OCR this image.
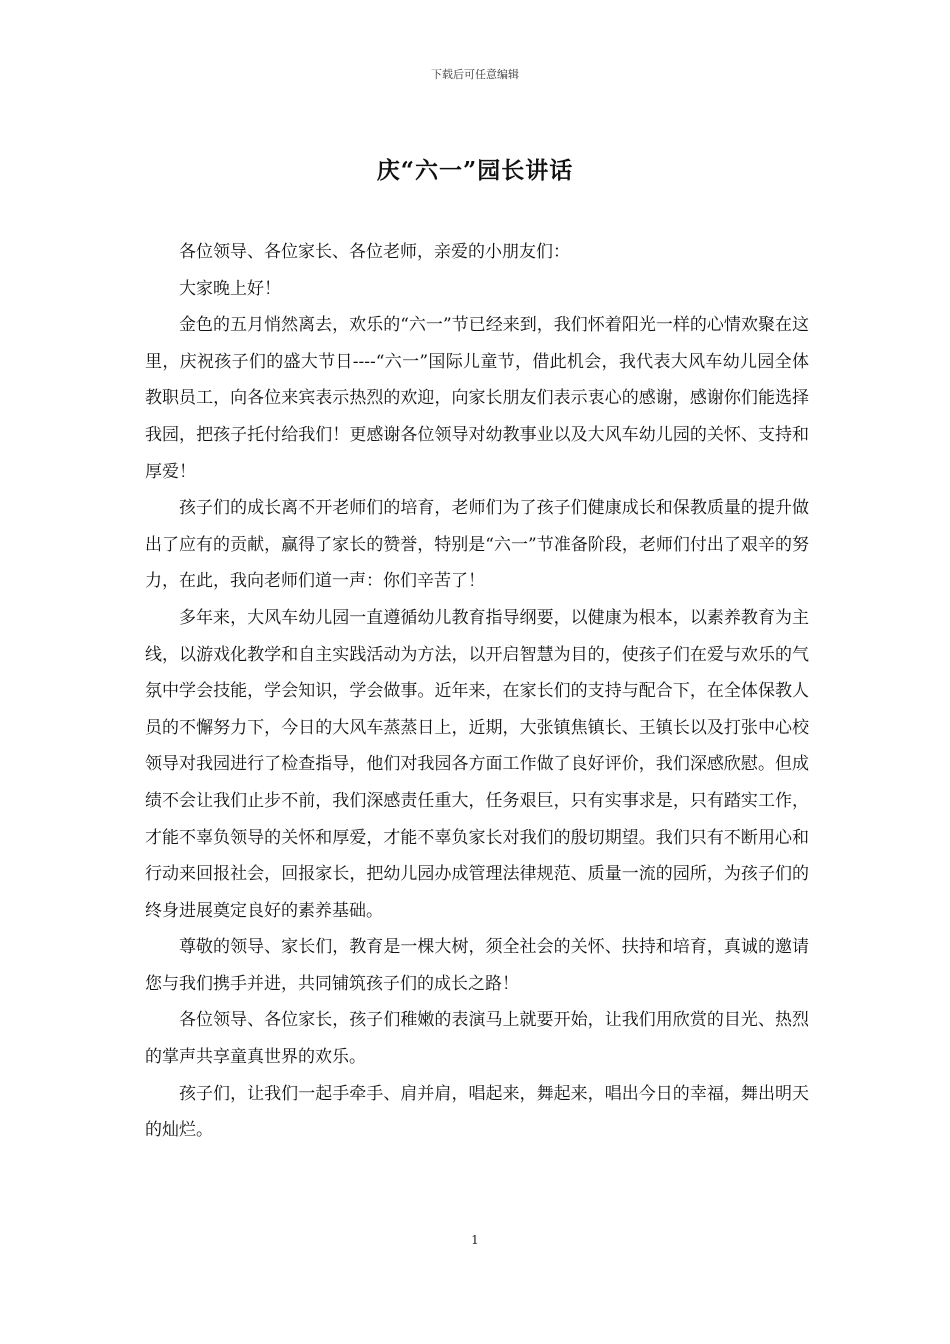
下载后可任意编辑
庆“六一”园长讲话

各位领导、各位家长、各位老师，亲爱的小朋友们：

大家晚上好！

金色的五月悄然离去，欢乐的“六一”节已经来到，我们怀着阳光一样的心情欢聚在这里，庆祝孩子们的盛大节日----“六一”国际儿童节，借此机会，我代表大风车幼儿园全体教职员工，向各位来宾表示热烈的欢迎，向家长朋友们表示衷心的感谢，感谢你们能选择我园，把孩子托付给我们！更感谢各位领导对幼教事业以及大风车幼儿园的关怀、支持和厚爱！

孩子们的成长离不开老师们的培育，老师们为了孩子们健康成长和保教质量的提升做出了应有的贡献，赢得了家长的赞誉，特别是“六一”节准备阶段，老师们付出了艰辛的努力，在此，我向老师们道一声：你们辛苦了！

多年来，大风车幼儿园一直遵循幼儿教育指导纲要，以健康为根本，以素养教育为主线，以游戏化教学和自主实践活动为方法，以开启智慧为目的，使孩子们在爱与欢乐的气氛中学会技能，学会知识，学会做事。近年来，在家长们的支持与配合下，在全体保教人员的不懈努力下，今日的大风车蒸蒸日上，近期，大张镇焦镇长、王镇长以及打张中心校领导对我园进行了检查指导，他们对我园各方面工作做了良好评价，我们深感欣慰。但成绩不会让我们止步不前，我们深感责任重大，任务艰巨，只有实事求是，只有踏实工作，才能不辜负领导的关怀和厚爱，才能不辜负家长对我们的殷切期望。我们只有不断用心和行动来回报社会，回报家长，把幼儿园办成管理法律规范、质量一流的园所，为孩子们的终身进展奠定良好的素养基础。

尊敬的领导、家长们，教育是一棵大树，须全社会的关怀、扶持和培育，真诚的邀请您与我们携手并进，共同铺筑孩子们的成长之路！

各位领导、各位家长，孩子们稚嫩的表演马上就要开始，让我们用欣赏的目光、热烈的掌声共享童真世界的欢乐。

孩子们，让我们一起手牵手、肩并肩，唱起来，舞起来，唱出今日的幸福，舞出明天的灿烂。

1
